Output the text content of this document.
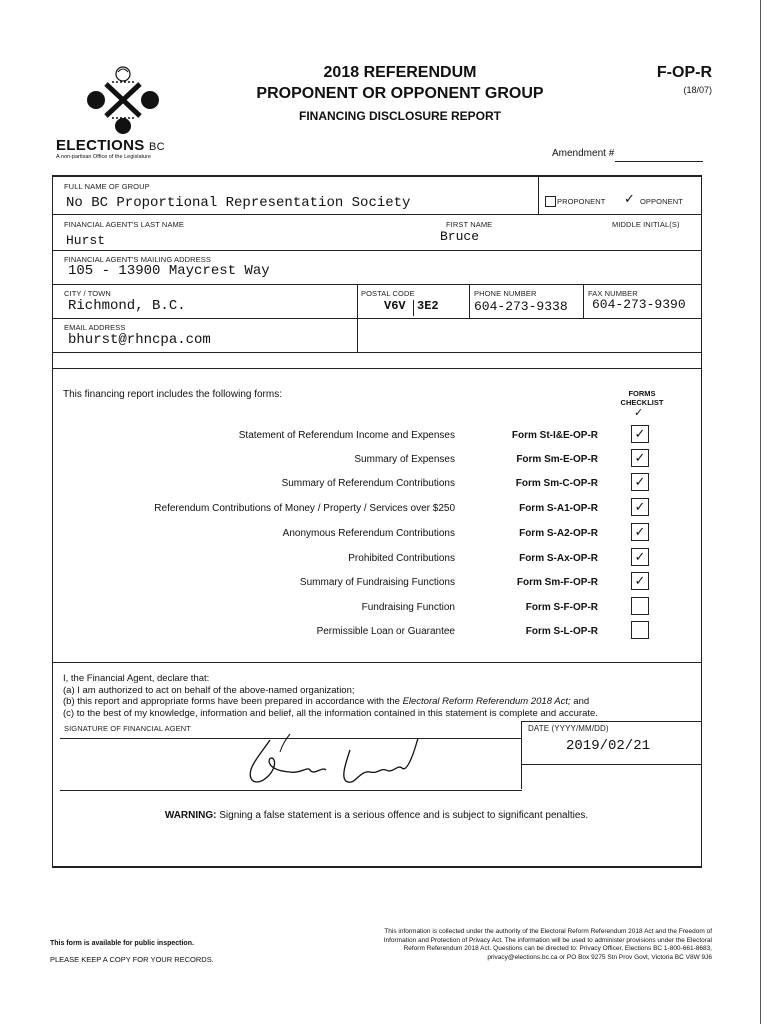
ELECTIONS BC
A non-partisan Office of the Legislature
2018 REFERENDUM
PROPONENT OR OPPONENT GROUP
FINANCING DISCLOSURE REPORT
F-OP-R
(18/07)
Amendment #
FULL NAME OF GROUP
No BC Proportional Representation Society	PROPONENT ✓ OPPONENT
FINANCIAL AGENT'S LAST NAME
Hurst
FIRST NAME
Bruce
MIDDLE INITIAL(S)
FINANCIAL AGENT'S MAILING ADDRESS
105 - 13900 Maycrest Way
CITY / TOWN
Richmond, B.C.
POSTAL CODE
V6V 3E2
PHONE NUMBER
604-273-9338
FAX NUMBER
604-273-9390
EMAIL ADDRESS
bhurst@rhncpa.com
This financing report includes the following forms:	FORMS
CHECKLIST
✓
Statement of Referendum Income and Expenses	Form St-I&E-OP-R	✓
Summary of Expenses	Form Sm-E-OP-R	✓
Summary of Referendum Contributions	Form Sm-C-OP-R	✓
Referendum Contributions of Money / Property / Services over $250	Form S-A1-OP-R	✓
Anonymous Referendum Contributions	Form S-A2-OP-R	✓
Prohibited Contributions	Form S-Ax-OP-R	✓
Summary of Fundraising Functions	Form Sm-F-OP-R	✓
Fundraising Function	Form S-F-OP-R
Permissible Loan or Guarantee	Form S-L-OP-R
I, the Financial Agent, declare that:
(a) I am authorized to act on behalf of the above-named organization;
(b) this report and appropriate forms have been prepared in accordance with the Electoral Reform Referendum 2018 Act; and
(c) to the best of my knowledge, information and belief, all the information contained in this statement is complete and accurate.
SIGNATURE OF FINANCIAL AGENT	DATE (YYYY/MM/DD)
2019/02/21
WARNING: Signing a false statement is a serious offence and is subject to significant penalties.
This form is available for public inspection.
PLEASE KEEP A COPY FOR YOUR RECORDS.
This information is collected under the authority of the Electoral Reform Referendum 2018 Act and the Freedom of
Information and Protection of Privacy Act. The information will be used to administer provisions under the Electoral
Reform Referendum 2018 Act. Questions can be directed to: Privacy Officer, Elections BC 1-800-661-8683,
privacy@elections.bc.ca or PO Box 9275 Stn Prov Govt, Victoria BC V8W 9J6
